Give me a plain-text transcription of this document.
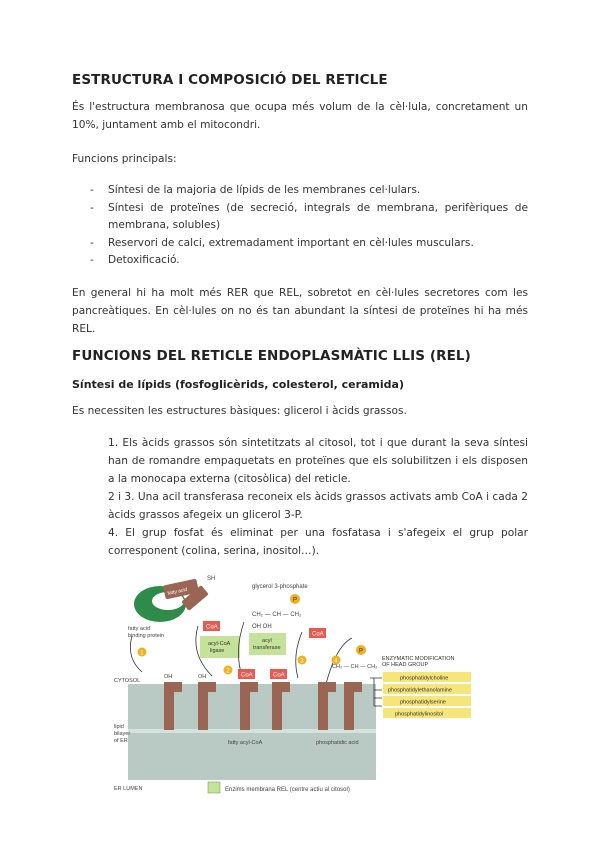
ESTRUCTURA I COMPOSICIÓ DEL RETICLE
És l'estructura membranosa que ocupa més volum de la cèl·lula, concretament un 10%, juntament amb el mitocondri.
Funcions principals:
- Síntesi de la majoria de lípids de les membranes cel·lulars.
- Síntesi de proteïnes (de secreció, integrals de membrana, perifèriques de membrana, solubles)
- Reservori de calci, extremadament important en cèl·lules musculars.
- Detoxificació.
En general hi ha molt més RER que REL, sobretot en cèl·lules secretores com les pancreàtiques. En cèl·lules on no és tan abundant la síntesi de proteïnes hi ha més REL.
FUNCIONS DEL RETICLE ENDOPLASMÀTIC LLIS (REL)
Síntesi de lípids (fosfoglicèrids, colesterol, ceramida)
Es necessiten les estructures bàsiques: glicerol i àcids grassos.
1. Els àcids grassos són sintetitzats al citosol, tot i que durant la seva síntesi han de romandre empaquetats en proteïnes que els solubilitzen i els disposen a la monocapa externa (citosòlica) del reticle.
2 i 3. Una acil transferasa reconeix els àcids grassos activats amb CoA i cada 2 àcids grassos afegeix un glicerol 3-P.
4. El grup fosfat és eliminat per una fosfatasa i s'afegeix el grup polar corresponent (colina, serina, inositol…).
fatty acid
SH
fatty acid binding protein
1
CoA
acyl-CoA ligase
glycerol 3-phosphate
P
CH₂ — CH — CH₂
OH OH
acyl transferase
CoA
2
3	4
P
CH₂ — CH — CH₂
ENZYMATIC MODIFICATION OF HEAD GROUP
CYTOSOL
lipid bilayer of ER
ER LUMEN
OH	OH	CoA	CoA
fatty acyl-CoA	phosphatidic acid
phosphatidylcholine
phosphatidylethanolamine
phosphatidylserine
phosphatidylinositol
Enzims membrana REL (centre actiu al citosol)
